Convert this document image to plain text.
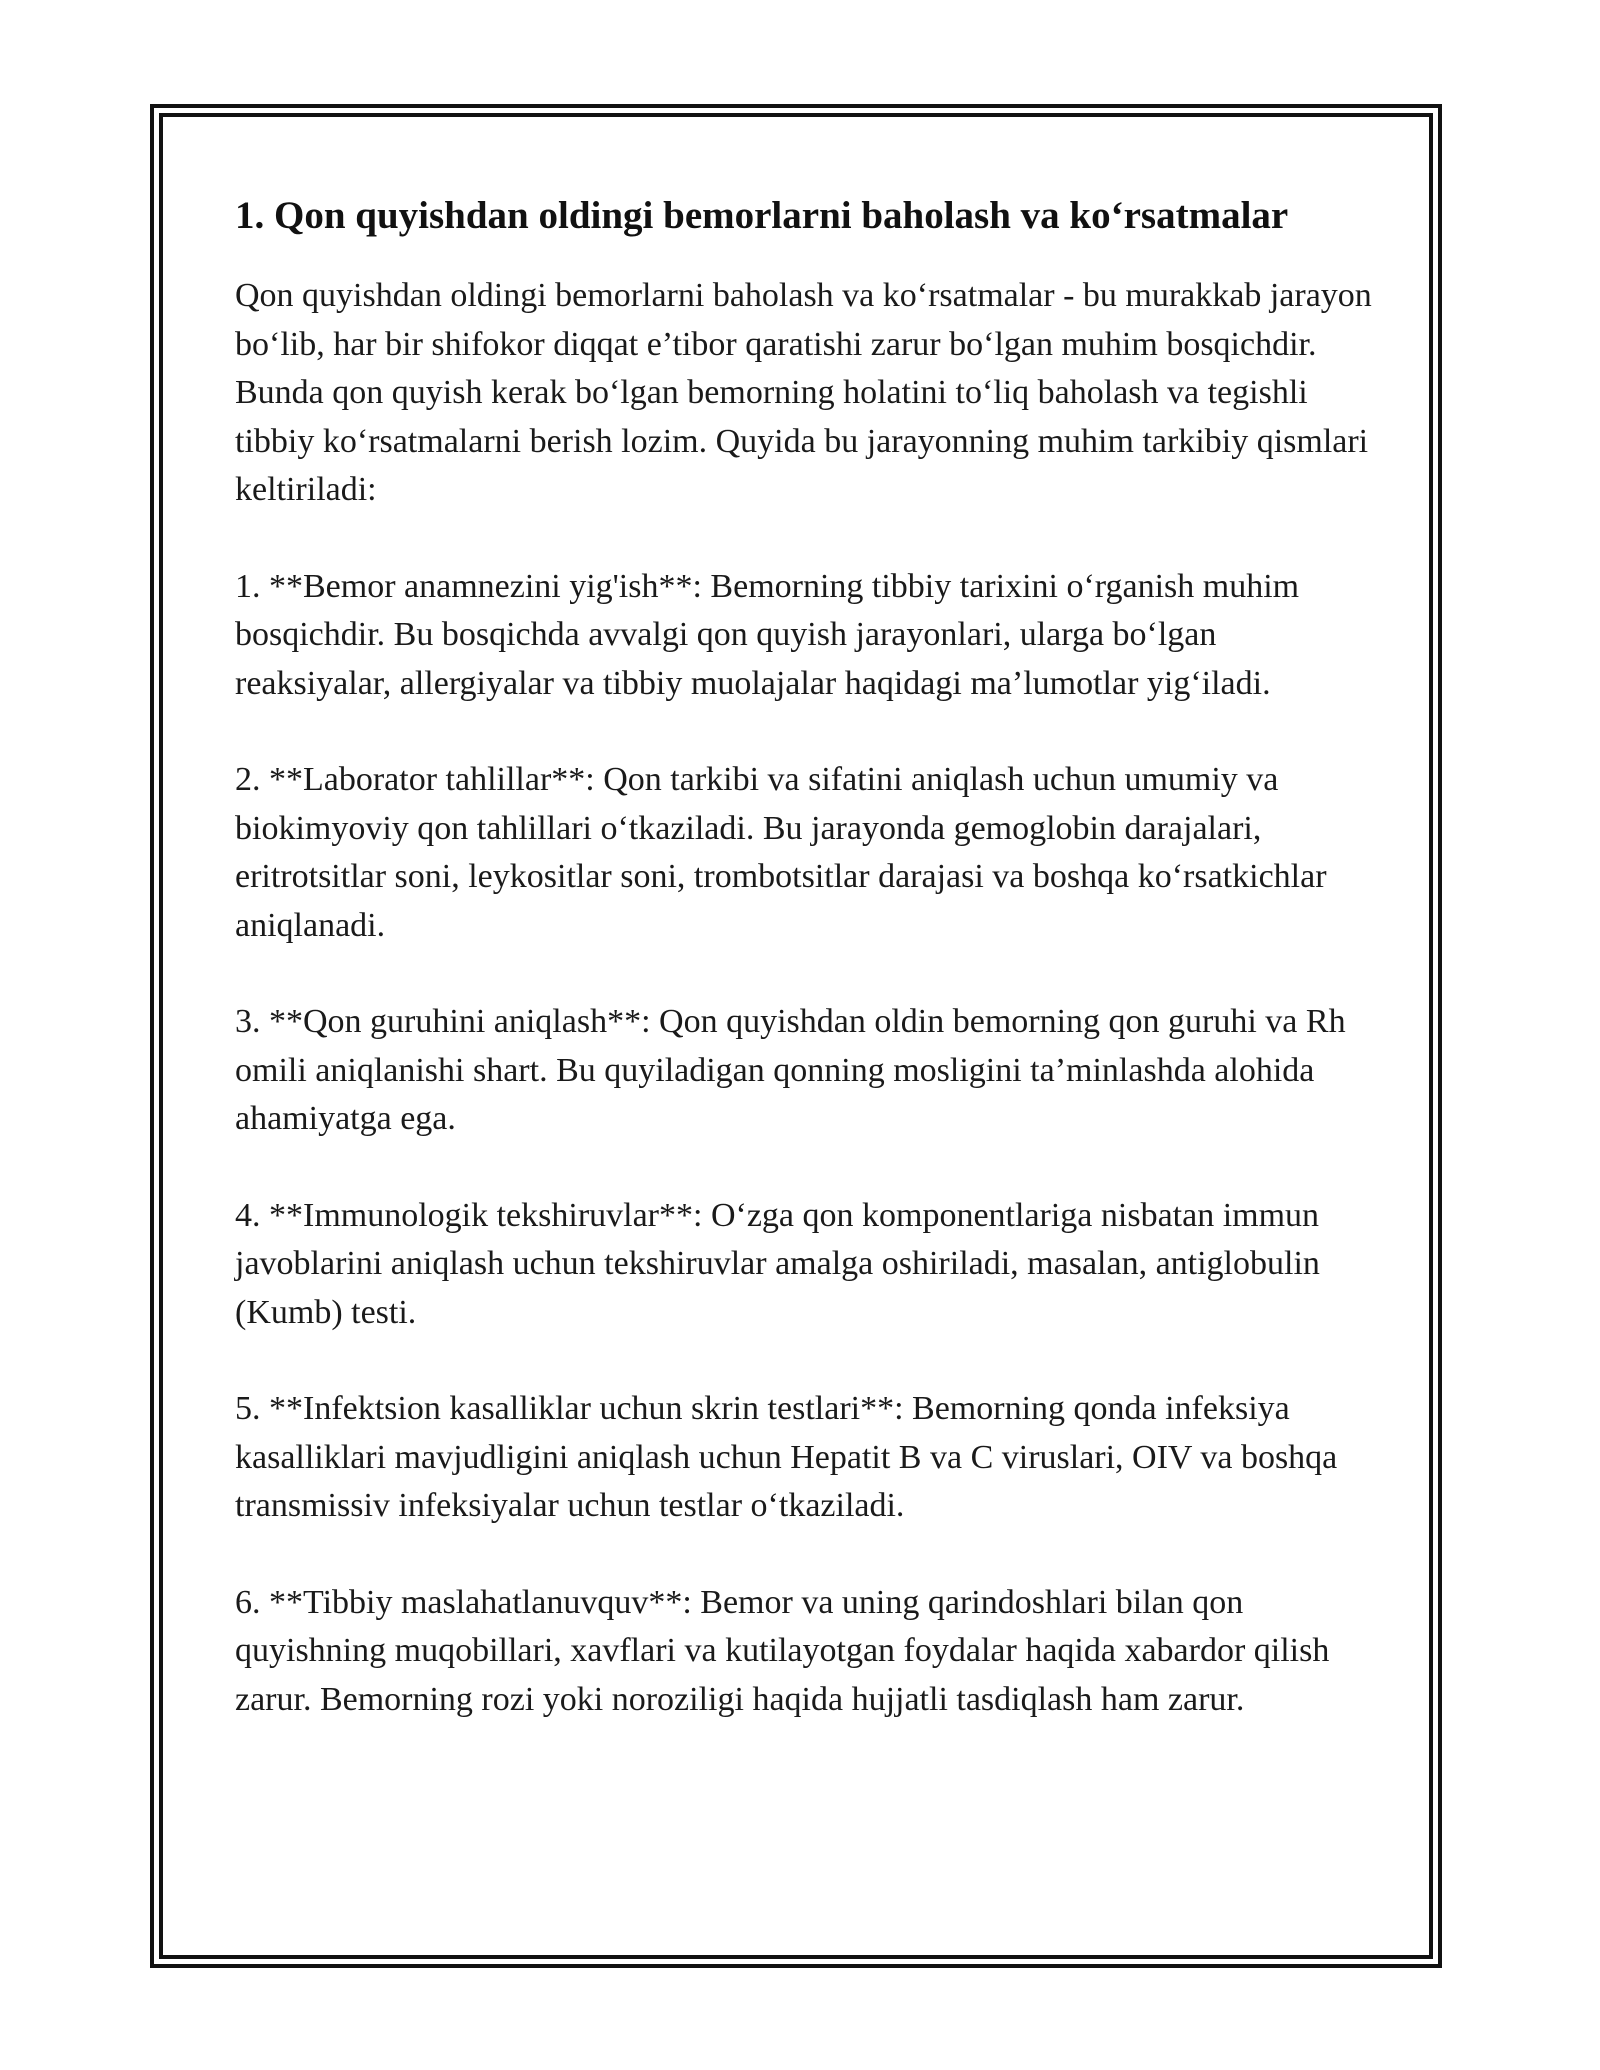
1. Qon quyishdan oldingi bemorlarni baholash va ko‘rsatmalar

Qon quyishdan oldingi bemorlarni baholash va ko‘rsatmalar - bu murakkab jarayon bo‘lib, har bir shifokor diqqat e’tibor qaratishi zarur bo‘lgan muhim bosqichdir. Bunda qon quyish kerak bo‘lgan bemorning holatini to‘liq baholash va tegishli tibbiy ko‘rsatmalarni berish lozim. Quyida bu jarayonning muhim tarkibiy qismlari keltiriladi:

1. **Bemor anamnezini yig'ish**: Bemorning tibbiy tarixini o‘rganish muhim bosqichdir. Bu bosqichda avvalgi qon quyish jarayonlari, ularga bo‘lgan reaksiyalar, allergiyalar va tibbiy muolajalar haqidagi ma’lumotlar yig‘iladi.

2. **Laborator tahlillar**: Qon tarkibi va sifatini aniqlash uchun umumiy va biokimyoviy qon tahlillari o‘tkaziladi. Bu jarayonda gemoglobin darajalari, eritrotsitlar soni, leykositlar soni, trombotsitlar darajasi va boshqa ko‘rsatkichlar aniqlanadi.

3. **Qon guruhini aniqlash**: Qon quyishdan oldin bemorning qon guruhi va Rh omili aniqlanishi shart. Bu quyiladigan qonning mosligini ta’minlashda alohida ahamiyatga ega.

4. **Immunologik tekshiruvlar**: O‘zga qon komponentlariga nisbatan immun javoblarini aniqlash uchun tekshiruvlar amalga oshiriladi, masalan, antiglobulin (Kumb) testi.

5. **Infektsion kasalliklar uchun skrin testlari**: Bemorning qonda infeksiya kasalliklari mavjudligini aniqlash uchun Hepatit B va C viruslari, OIV va boshqa transmissiv infeksiyalar uchun testlar o‘tkaziladi.

6. **Tibbiy maslahatlanuvquv**: Bemor va uning qarindoshlari bilan qon quyishning muqobillari, xavflari va kutilayotgan foydalar haqida xabardor qilish zarur. Bemorning rozi yoki noroziligi haqida hujjatli tasdiqlash ham zarur.
